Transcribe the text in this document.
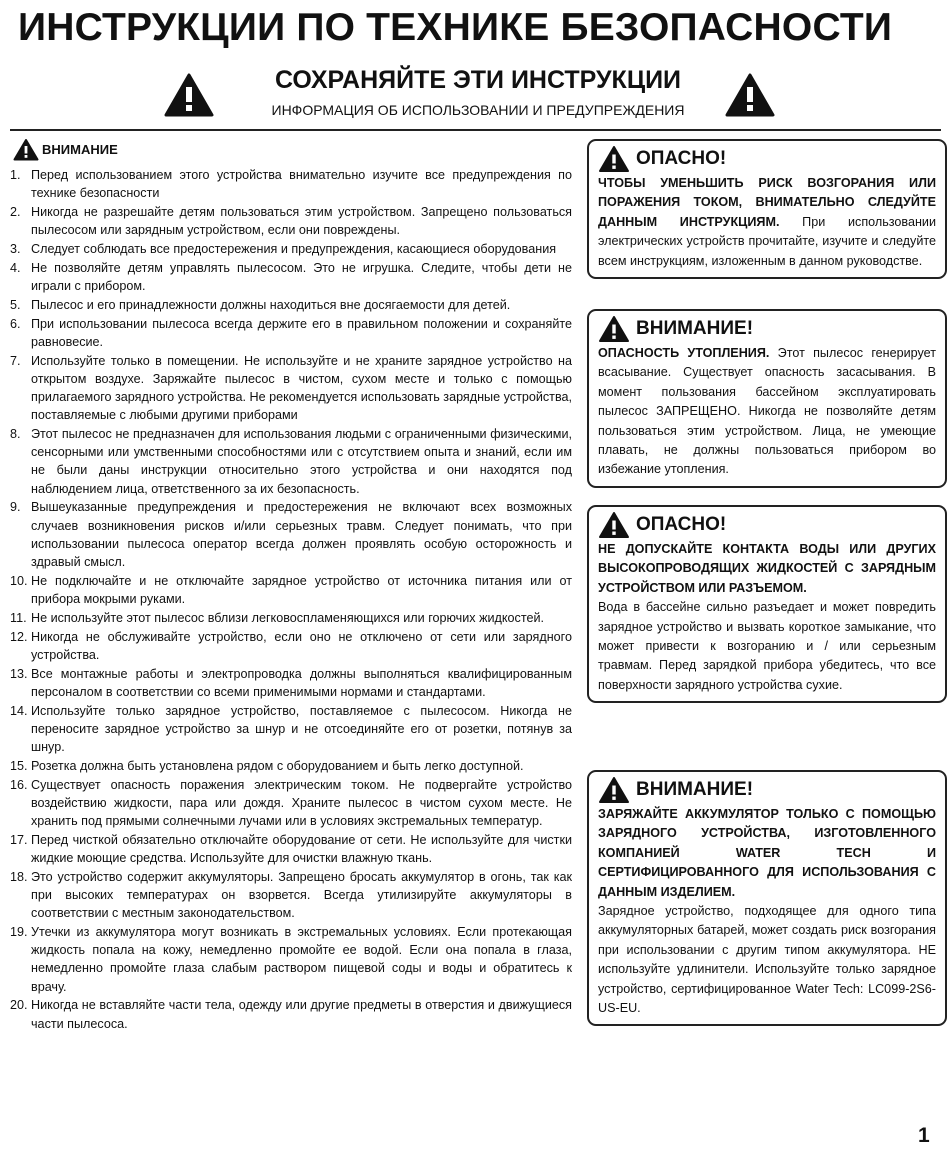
ИНСТРУКЦИИ ПО ТЕХНИКЕ БЕЗОПАСНОСТИ
СОХРАНЯЙТЕ ЭТИ ИНСТРУКЦИИ
ИНФОРМАЦИЯ ОБ ИСПОЛЬЗОВАНИИ И ПРЕДУПРЕЖДЕНИЯ
ВНИМАНИЕ
1. Перед использованием этого устройства внимательно изучите все предупреждения по технике безопасности
2. Никогда не разрешайте детям пользоваться этим устройством. Запрещено пользоваться пылесосом или зарядным устройством, если они повреждены.
3. Следует соблюдать все предостережения и предупреждения, касающиеся оборудования
4. Не позволяйте детям управлять пылесосом. Это не игрушка. Следите, чтобы дети не играли с прибором.
5. Пылесос и его принадлежности должны находиться вне досягаемости для детей.
6. При использовании пылесоса всегда держите его в правильном положении и сохраняйте равновесие.
7. Используйте только в помещении. Не используйте и не храните зарядное устройство на открытом воздухе. Заряжайте пылесос в чистом, сухом месте и только с помощью прилагаемого зарядного устройства. Не рекомендуется использовать зарядные устройства, поставляемые с любыми другими приборами
8. Этот пылесос не предназначен для использования людьми с ограниченными физическими, сенсорными или умственными способностями или с отсутствием опыта и знаний, если им не были даны инструкции относительно этого устройства и они находятся под наблюдением лица, ответственного за их безопасность.
9. Вышеуказанные предупреждения и предостережения не включают всех возможных случаев возникновения рисков и/или серьезных травм. Следует понимать, что при использовании пылесоса оператор всегда должен проявлять особую осторожность и здравый смысл.
10. Не подключайте и не отключайте зарядное устройство от источника питания или от прибора мокрыми руками.
11. Не используйте этот пылесос вблизи легковоспламеняющихся или горючих жидкостей.
12. Никогда не обслуживайте устройство, если оно не отключено от сети или зарядного устройства.
13. Все монтажные работы и электропроводка должны выполняться квалифицированным персоналом в соответствии со всеми применимыми нормами и стандартами.
14. Используйте только зарядное устройство, поставляемое с пылесосом. Никогда не переносите зарядное устройство за шнур и не отсоединяйте его от розетки, потянув за шнур.
15. Розетка должна быть установлена рядом с оборудованием и быть легко доступной.
16. Существует опасность поражения электрическим током. Не подвергайте устройство воздействию жидкости, пара или дождя. Храните пылесос в чистом сухом месте. Не хранить под прямыми солнечными лучами или в условиях экстремальных температур.
17. Перед чисткой обязательно отключайте оборудование от сети. Не используйте для чистки жидкие моющие средства. Используйте для очистки влажную ткань.
18. Это устройство содержит аккумуляторы. Запрещено бросать аккумулятор в огонь, так как при высоких температурах он взорвется. Всегда утилизируйте аккумуляторы в соответствии с местным законодательством.
19. Утечки из аккумулятора могут возникать в экстремальных условиях. Если протекающая жидкость попала на кожу, немедленно промойте ее водой. Если она попала в глаза, немедленно промойте глаза слабым раствором пищевой соды и воды и обратитесь к врачу.
20. Никогда не вставляйте части тела, одежду или другие предметы в отверстия и движущиеся части пылесоса.
ОПАСНО!
ЧТОБЫ УМЕНЬШИТЬ РИСК ВОЗГОРАНИЯ ИЛИ ПОРАЖЕНИЯ ТОКОМ, ВНИМАТЕЛЬНО СЛЕДУЙТЕ ДАННЫМ ИНСТРУКЦИЯМ. При использовании электрических устройств прочитайте, изучите и следуйте всем инструкциям, изложенным в данном руководстве.
ВНИМАНИЕ!
ОПАСНОСТЬ УТОПЛЕНИЯ. Этот пылесос генерирует всасывание. Существует опасность засасывания. В момент пользования бассейном эксплуатировать пылесос ЗАПРЕЩЕНО. Никогда не позволяйте детям пользоваться этим устройством. Лица, не умеющие плавать, не должны пользоваться прибором во избежание утопления.
ОПАСНО!
НЕ ДОПУСКАЙТЕ КОНТАКТА ВОДЫ ИЛИ ДРУГИХ ВЫСОКОПРОВОДЯЩИХ ЖИДКОСТЕЙ С ЗАРЯДНЫМ УСТРОЙСТВОМ ИЛИ РАЗЪЕМОМ.
Вода в бассейне сильно разъедает и может повредить зарядное устройство и вызвать короткое замыкание, что может привести к возгоранию и / или серьезным травмам. Перед зарядкой прибора убедитесь, что все поверхности зарядного устройства сухие.
ВНИМАНИЕ!
ЗАРЯЖАЙТЕ АККУМУЛЯТОР ТОЛЬКО С ПОМОЩЬЮ ЗАРЯДНОГО УСТРОЙСТВА, ИЗГОТОВЛЕННОГО КОМПАНИЕЙ WATER TECH И СЕРТИФИЦИРОВАННОГО ДЛЯ ИСПОЛЬЗОВАНИЯ С ДАННЫМ ИЗДЕЛИЕМ.
Зарядное устройство, подходящее для одного типа аккумуляторных батарей, может создать риск возгорания при использовании с другим типом аккумулятора. НЕ используйте удлинители. Используйте только зарядное устройство, сертифицированное Water Tech: LC099-2S6-US-EU.
1
